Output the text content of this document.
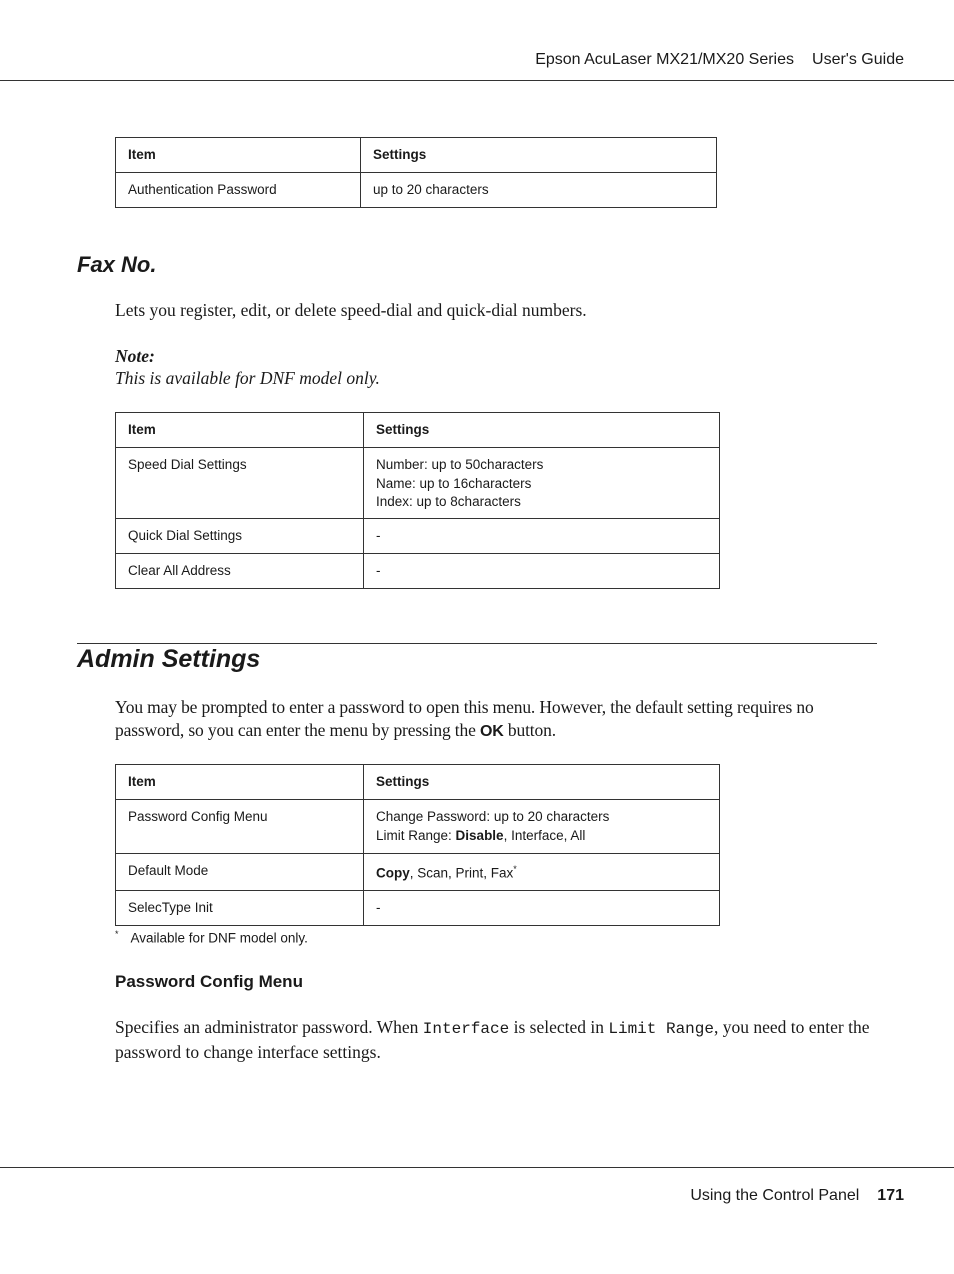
Epson AcuLaser MX21/MX20 Series User's Guide
Item	Settings
Authentication Password	up to 20 characters
Fax No.
Lets you register, edit, or delete speed-dial and quick-dial numbers.
Note:
This is available for DNF model only.
Item	Settings
Speed Dial Settings	Number: up to 50characters
Name: up to 16characters
Index: up to 8characters

Quick Dial Settings	-
Clear All Address	-
Admin Settings
You may be prompted to enter a password to open this menu. However, the default setting requires no password, so you can enter the menu by pressing the OK button.
Item	Settings
Password Config Menu	Change Password: up to 20 characters
Limit Range: Disable, Interface, All

Default Mode	Copy, Scan, Print, Fax*
SelecType Init	-
* Available for DNF model only.
Password Config Menu
Specifies an administrator password. When Interface is selected in Limit Range, you need to enter the password to change interface settings.
Using the Control Panel 171
